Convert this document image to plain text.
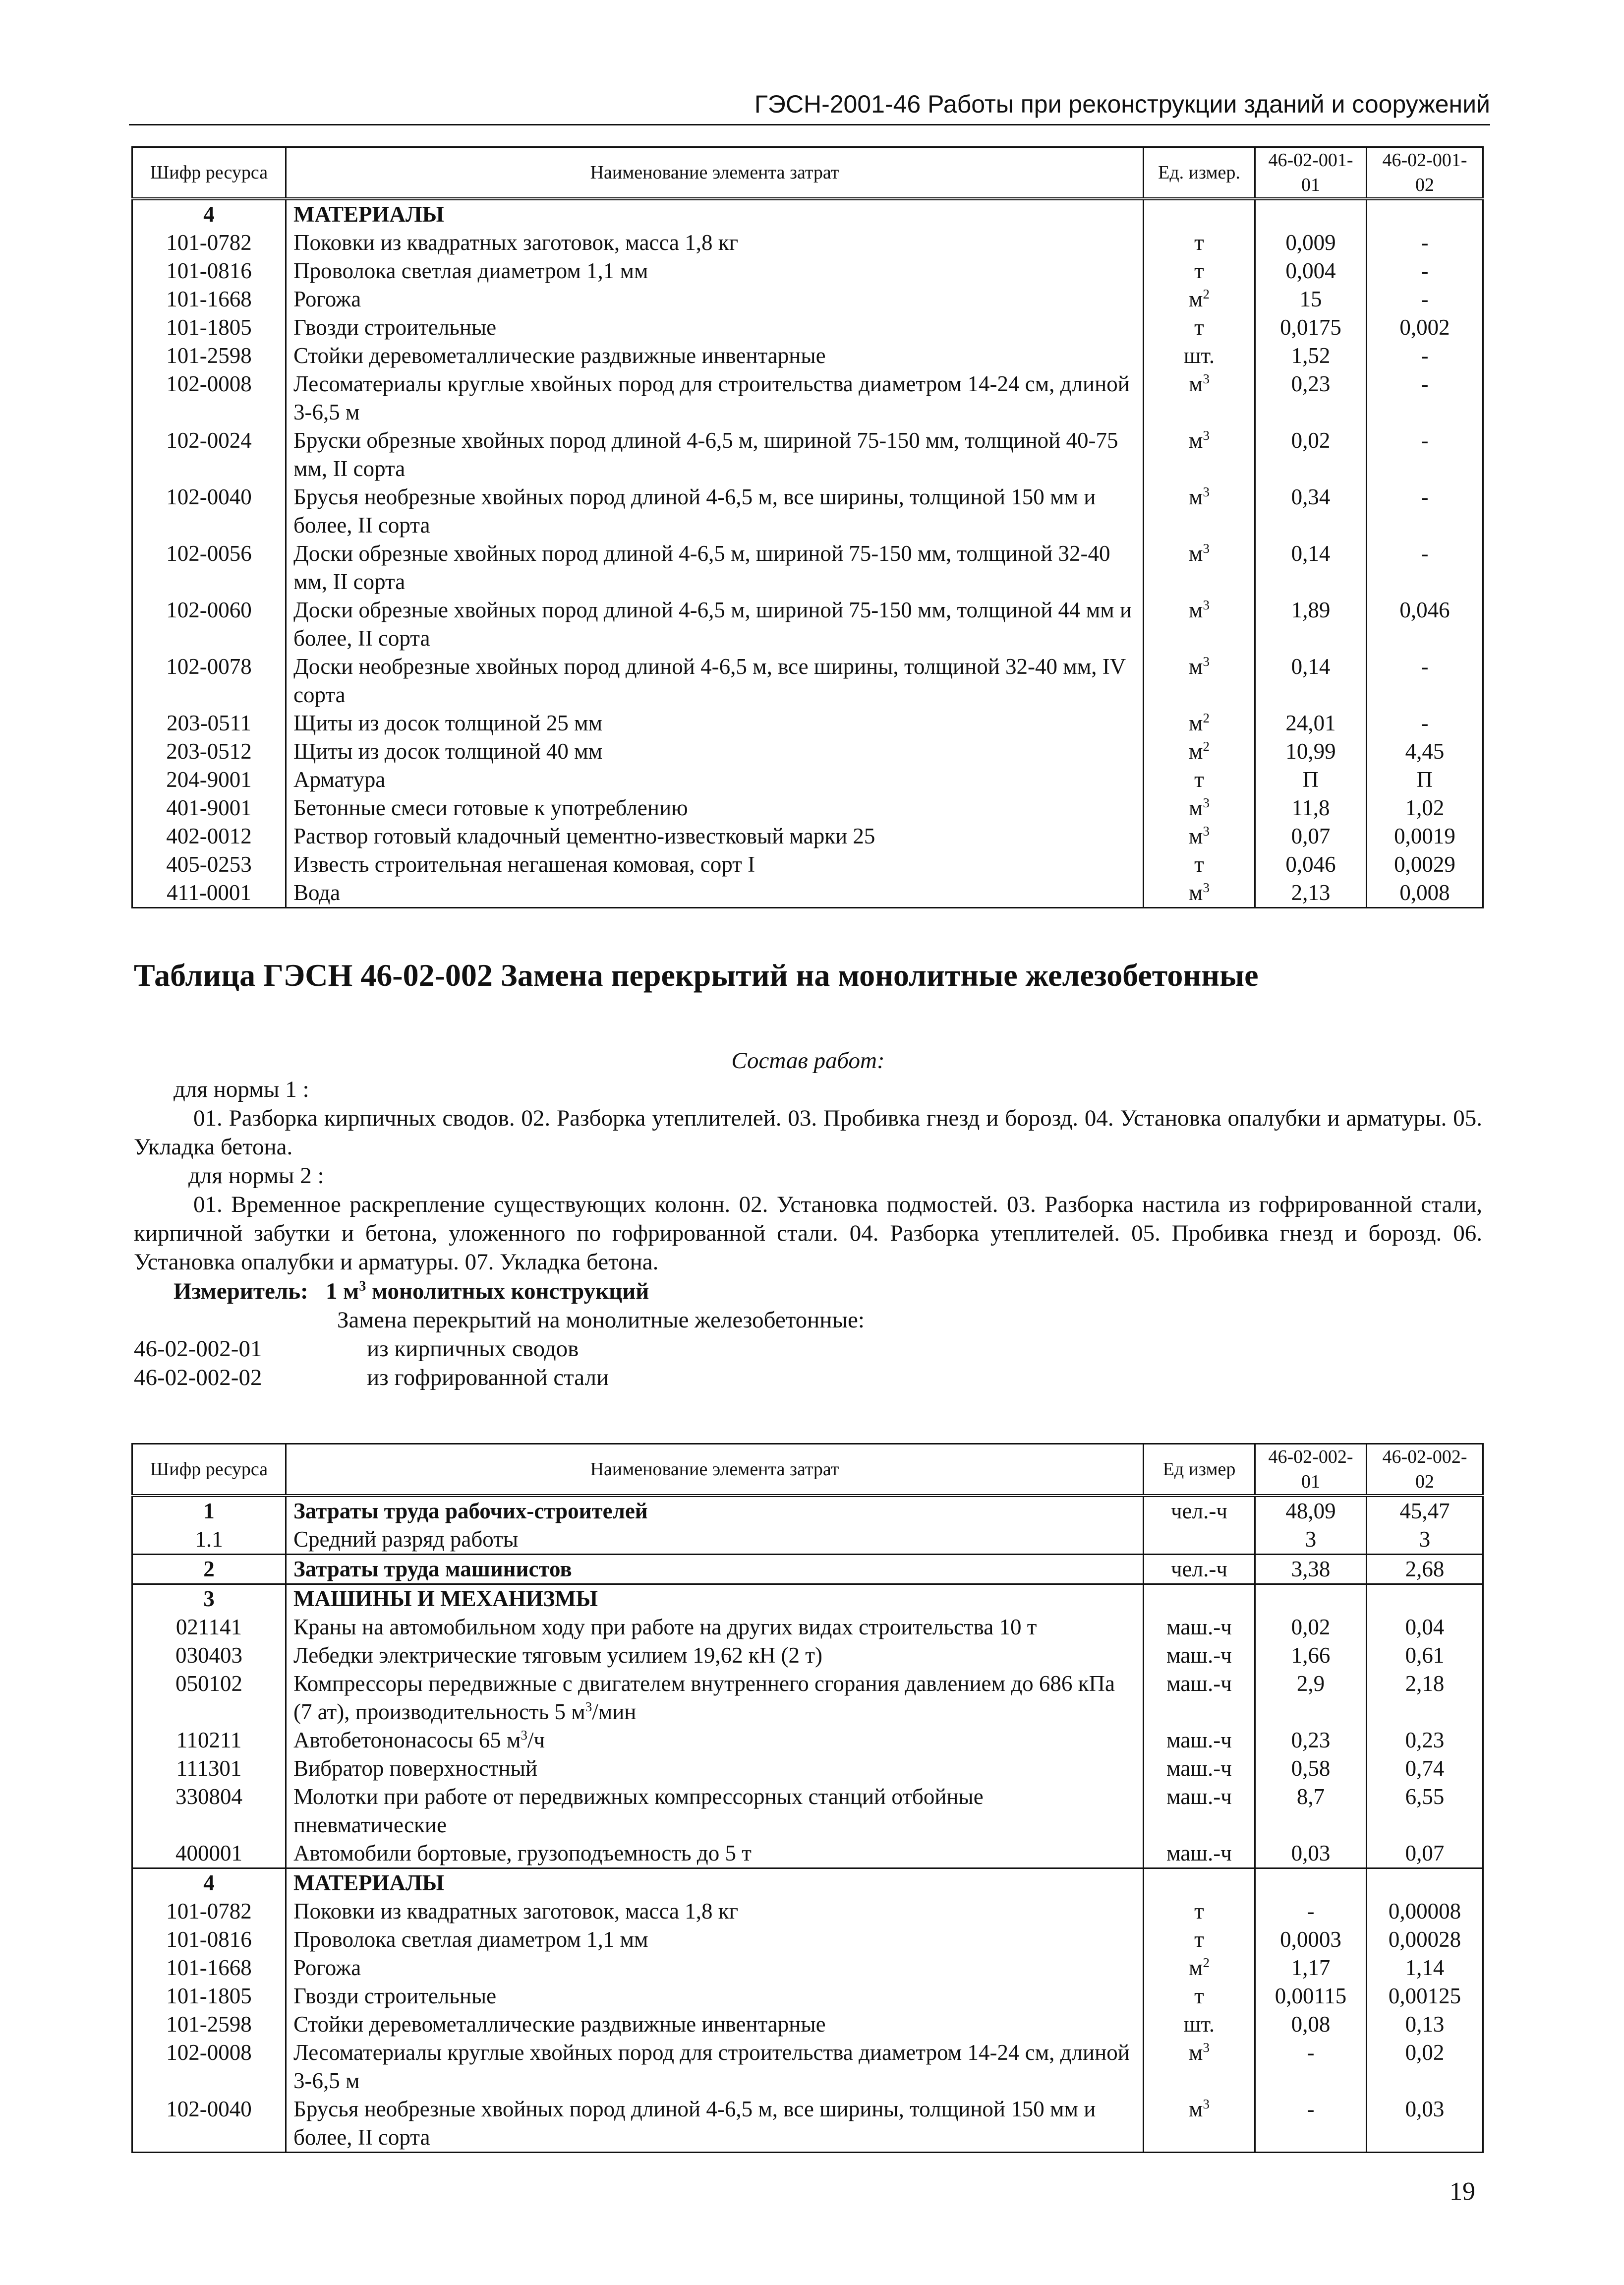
ГЭСН-2001-46 Работы при реконструкции зданий и сооружений
Шифр ресурса	Наименование элемента затрат	Ед. измер.	46-02-001-01	46-02-001-02
4	МАТЕРИАЛЫ			
101-0782	Поковки из квадратных заготовок, масса 1,8 кг	т	0,009	-
101-0816	Проволока светлая диаметром 1,1 мм	т	0,004	-
101-1668	Рогожа	$м^2$	15	-
101-1805	Гвозди строительные	т	0,0175	0,002
101-2598	Стойки деревометаллические раздвижные инвентарные	шт.	1,52	-
102-0008	Лесоматериалы круглые хвойных пород для строительства диаметром 14-24 см, длиной 3-6,5 м	$м^3$	0,23	-
102-0024	Бруски обрезные хвойных пород длиной 4-6,5 м, шириной 75-150 мм, толщиной 40-75 мм, II сорта	$м^3$	0,02	-
102-0040	Брусья необрезные хвойных пород длиной 4-6,5 м, все ширины, толщиной 150 мм и более, II сорта	$м^3$	0,34	-
102-0056	Доски обрезные хвойных пород длиной 4-6,5 м, шириной 75-150 мм, толщиной 32-40 мм, II сорта	$м^3$	0,14	-
102-0060	Доски обрезные хвойных пород длиной 4-6,5 м, шириной 75-150 мм, толщиной 44 мм и более, II сорта	$м^3$	1,89	0,046
102-0078	Доски необрезные хвойных пород длиной 4-6,5 м, все ширины, толщиной 32-40 мм, IV сорта	$м^3$	0,14	-
203-0511	Щиты из досок толщиной 25 мм	$м^2$	24,01	-
203-0512	Щиты из досок толщиной 40 мм	$м^2$	10,99	4,45
204-9001	Арматура	т	П	П
401-9001	Бетонные смеси готовые к употреблению	$м^3$	11,8	1,02
402-0012	Раствор готовый кладочный цементно-известковый марки 25	$м^3$	0,07	0,0019
405-0253	Известь строительная негашеная комовая, сорт I	т	0,046	0,0029
411-0001	Вода	$м^3$	2,13	0,008
Таблица ГЭСН 46-02-002 Замена перекрытий на монолитные железобетонные
Состав работ:
для нормы 1 :
01. Разборка кирпичных сводов. 02. Разборка утеплителей. 03. Пробивка гнезд и борозд. 04. Установка опалубки и арматуры. 05. Укладка бетона.
для нормы 2 :
01. Временное раскрепление существующих колонн. 02. Установка подмостей. 03. Разборка настила из гофрированной стали, кирпичной забутки и бетона, уложенного по гофрированной стали. 04. Разборка утеплителей. 05. Пробивка гнезд и борозд. 06. Установка опалубки и арматуры. 07. Укладка бетона.
Измеритель: 1 $м^3$ монолитных конструкций
Замена перекрытий на монолитные железобетонные:
46-02-002-01	из кирпичных сводов
46-02-002-02	из гофрированной стали
Шифр ресурса	Наименование элемента затрат	Ед измер	46-02-002-01	46-02-002-02
1	Затраты труда рабочих-строителей	чел.-ч	48,09	45,47
1.1	Средний разряд работы		3	3
2	Затраты труда машинистов	чел.-ч	3,38	2,68
3	МАШИНЫ И МЕХАНИЗМЫ			
021141	Краны на автомобильном ходу при работе на других видах строительства 10 т	маш.-ч	0,02	0,04
030403	Лебедки электрические тяговым усилием 19,62 кН (2 т)	маш.-ч	1,66	0,61
050102	Компрессоры передвижные с двигателем внутреннего сгорания давлением до 686 кПа (7 ат), производительность 5 $м^3$/мин	маш.-ч	2,9	2,18
110211	Автобетононасосы 65 $м^3/ч$	маш.-ч	0,23	0,23
111301	Вибратор поверхностный	маш.-ч	0,58	0,74
330804	Молотки при работе от передвижных компрессорных станций отбойные пневматические	маш.-ч	8,7	6,55
400001	Автомобили бортовые, грузоподъемность до 5 т	маш.-ч	0,03	0,07
4	МАТЕРИАЛЫ			
101-0782	Поковки из квадратных заготовок, масса 1,8 кг	т	-	0,00008
101-0816	Проволока светлая диаметром 1,1 мм	т	0,0003	0,00028
101-1668	Рогожа	$м^2$	1,17	1,14
101-1805	Гвозди строительные	т	0,00115	0,00125
101-2598	Стойки деревометаллические раздвижные инвентарные	шт.	0,08	0,13
102-0008	Лесоматериалы круглые хвойных пород для строительства диаметром 14-24 см, длиной 3-6,5 м	$м^3$	-	0,02
102-0040	Брусья необрезные хвойных пород длиной 4-6,5 м, все ширины, толщиной 150 мм и более, II сорта	$м^3$	-	0,03
19
